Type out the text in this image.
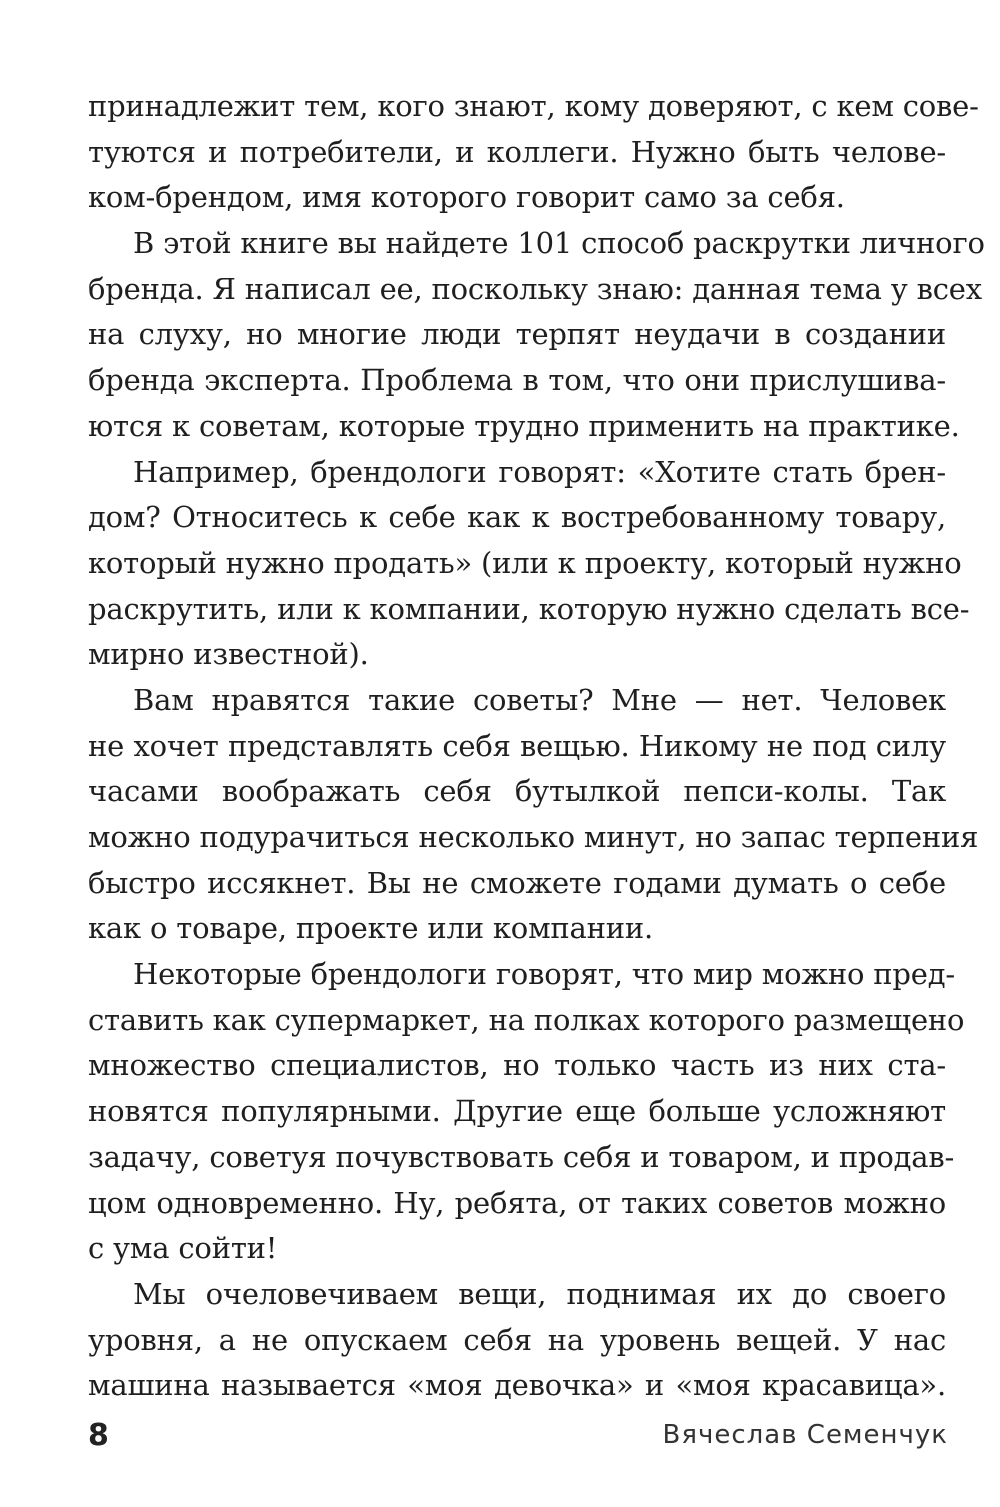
принадлежит тем, кого знают, кому доверяют, с кем сове-
туются и потребители, и коллеги. Нужно быть челове-
ком-брендом, имя которого говорит само за себя.
В этой книге вы найдете 101 способ раскрутки личного
бренда. Я написал ее, поскольку знаю: данная тема у всех
на слуху, но многие люди терпят неудачи в создании
бренда эксперта. Проблема в том, что они прислушива-
ются к советам, которые трудно применить на практике.
Например, брендологи говорят: «Хотите стать брен-
дом? Относитесь к себе как к востребованному товару,
который нужно продать» (или к проекту, который нужно
раскрутить, или к компании, которую нужно сделать все-
мирно известной).
Вам нравятся такие советы? Мне — нет. Человек
не хочет представлять себя вещью. Никому не под силу
часами воображать себя бутылкой пепси-колы. Так
можно подурачиться несколько минут, но запас терпения
быстро иссякнет. Вы не сможете годами думать о себе
как о товаре, проекте или компании.
Некоторые брендологи говорят, что мир можно пред-
ставить как супермаркет, на полках которого размещено
множество специалистов, но только часть из них ста-
новятся популярными. Другие еще больше усложняют
задачу, советуя почувствовать себя и товаром, и продав-
цом одновременно. Ну, ребята, от таких советов можно
с ума сойти!
Мы очеловечиваем вещи, поднимая их до своего
уровня, а не опускаем себя на уровень вещей. У нас
машина называется «моя девочка» и «моя красавица».
8	Вячеслав Семенчук
